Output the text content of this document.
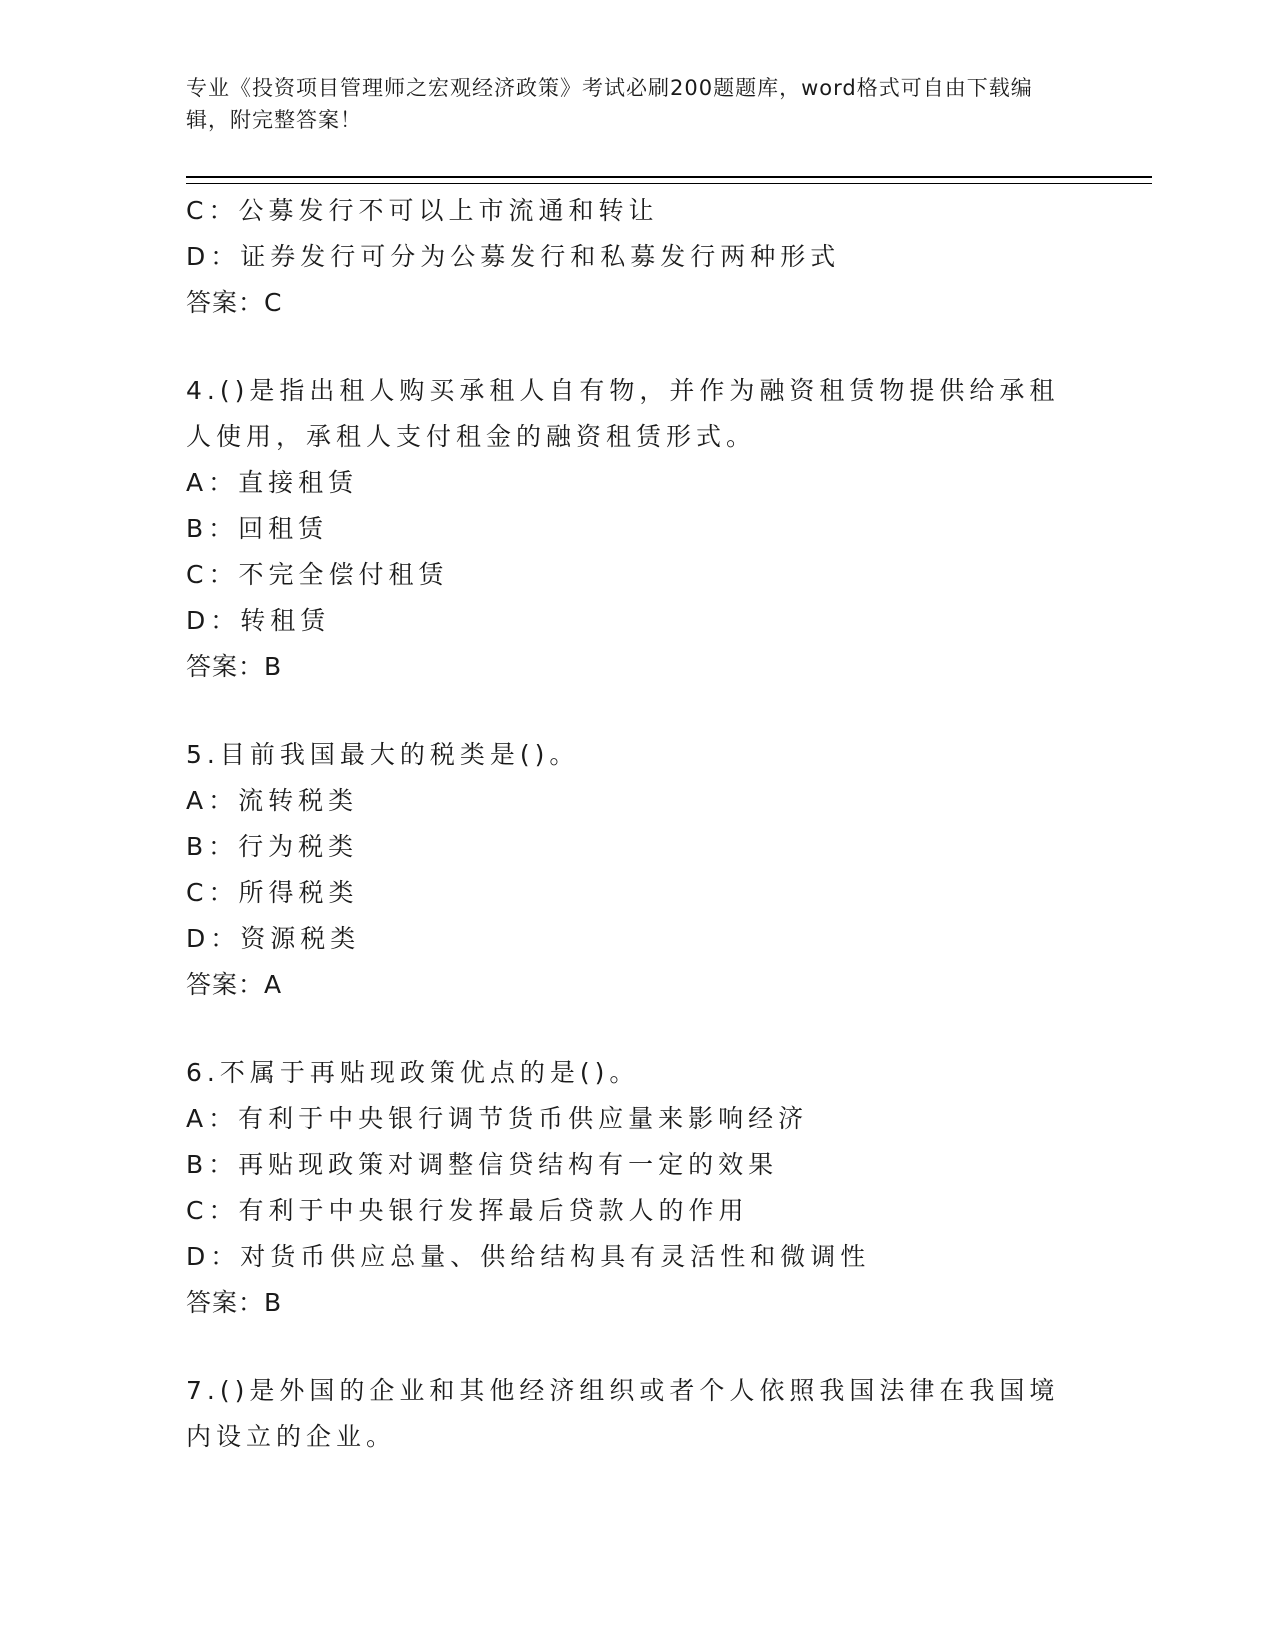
专业《投资项目管理师之宏观经济政策》考试必刷200题题库，word格式可自由下载编辑，附完整答案！
C：公募发行不可以上市流通和转让
D：证券发行可分为公募发行和私募发行两种形式
答案：C
4.()是指出租人购买承租人自有物，并作为融资租赁物提供给承租人使用，承租人支付租金的融资租赁形式。
A：直接租赁
B：回租赁
C：不完全偿付租赁
D：转租赁
答案：B
5.目前我国最大的税类是()。
A：流转税类
B：行为税类
C：所得税类
D：资源税类
答案：A
6.不属于再贴现政策优点的是()。
A：有利于中央银行调节货币供应量来影响经济
B：再贴现政策对调整信贷结构有一定的效果
C：有利于中央银行发挥最后贷款人的作用
D：对货币供应总量、供给结构具有灵活性和微调性
答案：B
7.()是外国的企业和其他经济组织或者个人依照我国法律在我国境内设立的企业。
